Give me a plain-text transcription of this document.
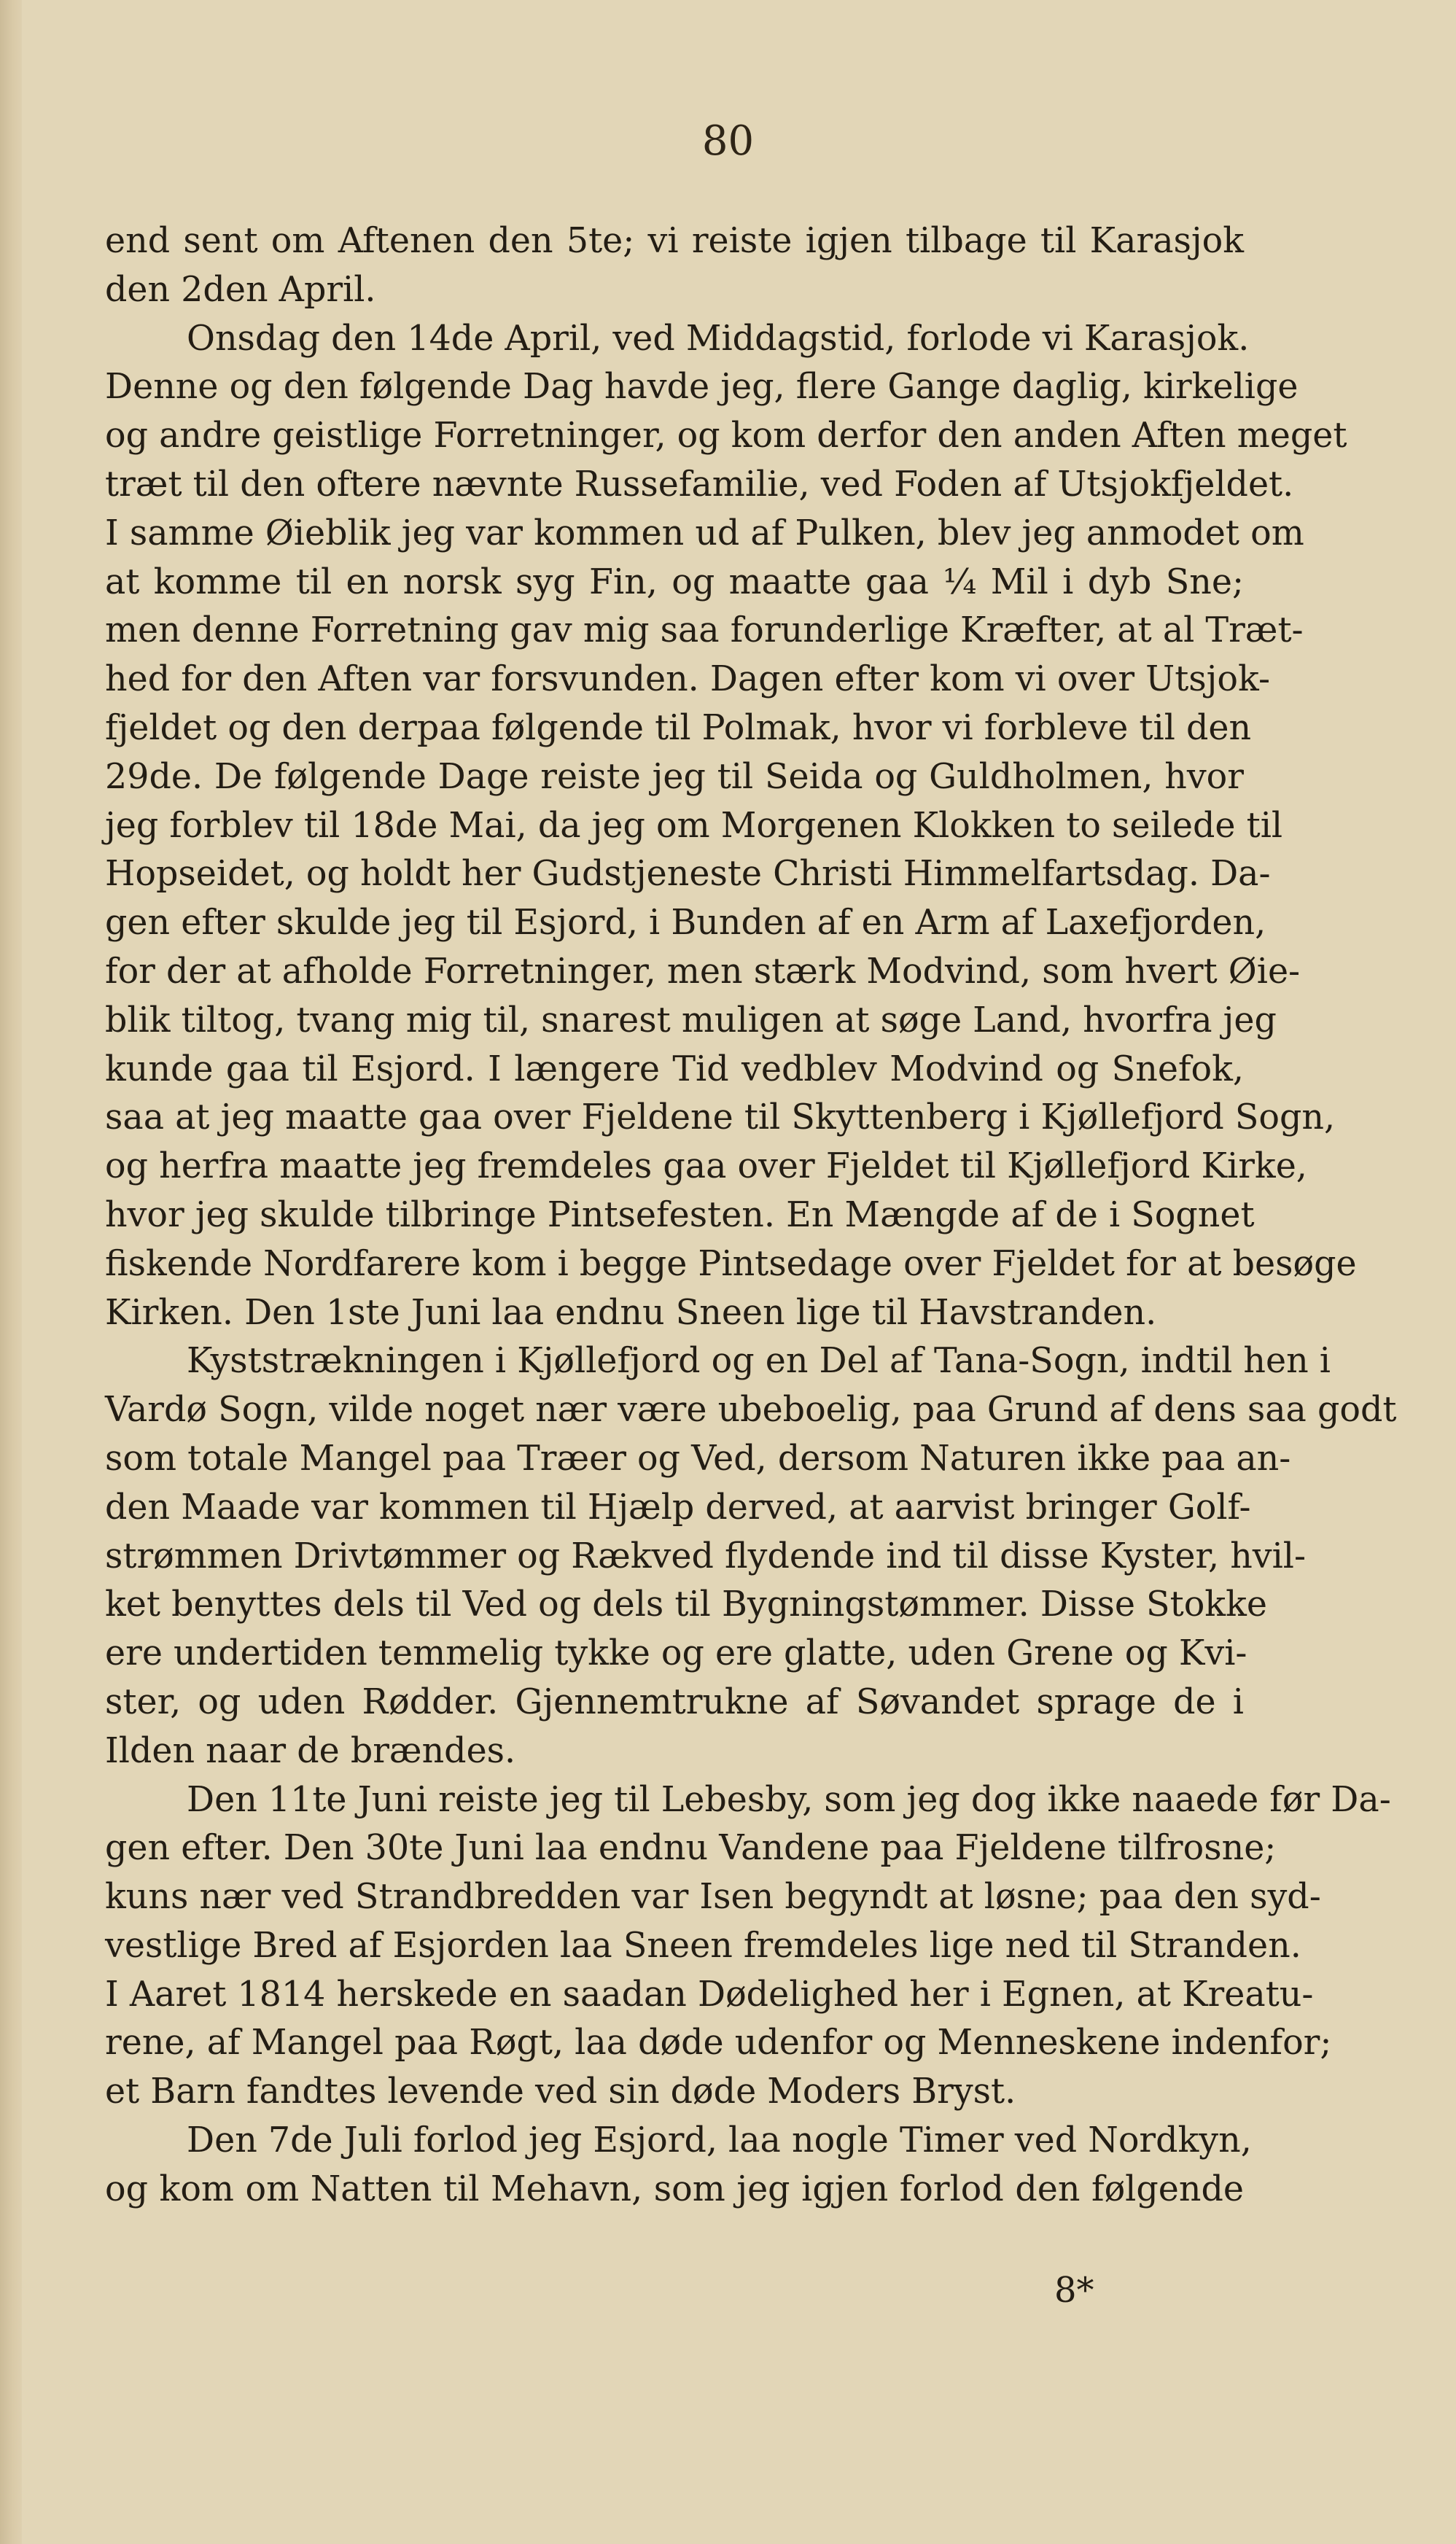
80
end sent om Aftenen den 5te; vi reiste igjen tilbage til Karasjok
den 2den April.
Onsdag den 14de April, ved Middagstid, forlode vi Karasjok.
Denne og den følgende Dag havde jeg, flere Gange daglig, kirkelige
og andre geistlige Forretninger, og kom derfor den anden Aften meget
træt til den oftere nævnte Russefamilie, ved Foden af Utsjokfjeldet.
I samme Øieblik jeg var kommen ud af Pulken, blev jeg anmodet om
at komme til en norsk syg Fin, og maatte gaa ¼ Mil i dyb Sne;
men denne Forretning gav mig saa forunderlige Kræfter, at al Træt-
hed for den Aften var forsvunden. Dagen efter kom vi over Utsjok-
fjeldet og den derpaa følgende til Polmak, hvor vi forbleve til den
29de. De følgende Dage reiste jeg til Seida og Guldholmen, hvor
jeg forblev til 18de Mai, da jeg om Morgenen Klokken to seilede til
Hopseidet, og holdt her Gudstjeneste Christi Himmelfartsdag. Da-
gen efter skulde jeg til Esjord, i Bunden af en Arm af Laxefjorden,
for der at afholde Forretninger, men stærk Modvind, som hvert Øie-
blik tiltog, tvang mig til, snarest muligen at søge Land, hvorfra jeg
kunde gaa til Esjord. I længere Tid vedblev Modvind og Snefok,
saa at jeg maatte gaa over Fjeldene til Skyttenberg i Kjøllefjord Sogn,
og herfra maatte jeg fremdeles gaa over Fjeldet til Kjøllefjord Kirke,
hvor jeg skulde tilbringe Pintsefesten. En Mængde af de i Sognet
fiskende Nordfarere kom i begge Pintsedage over Fjeldet for at besøge
Kirken. Den 1ste Juni laa endnu Sneen lige til Havstranden.
Kyststrækningen i Kjøllefjord og en Del af Tana-Sogn, indtil hen i
Vardø Sogn, vilde noget nær være ubeboelig, paa Grund af dens saa godt
som totale Mangel paa Træer og Ved, dersom Naturen ikke paa an-
den Maade var kommen til Hjælp derved, at aarvist bringer Golf-
strømmen Drivtømmer og Rækved flydende ind til disse Kyster, hvil-
ket benyttes dels til Ved og dels til Bygningstømmer. Disse Stokke
ere undertiden temmelig tykke og ere glatte, uden Grene og Kvi-
ster, og uden Rødder. Gjennemtrukne af Søvandet sprage de i
Ilden naar de brændes.
Den 11te Juni reiste jeg til Lebesby, som jeg dog ikke naaede før Da-
gen efter. Den 30te Juni laa endnu Vandene paa Fjeldene tilfrosne;
kuns nær ved Strandbredden var Isen begyndt at løsne; paa den syd-
vestlige Bred af Esjorden laa Sneen fremdeles lige ned til Stranden.
I Aaret 1814 herskede en saadan Dødelighed her i Egnen, at Kreatu-
rene, af Mangel paa Røgt, laa døde udenfor og Menneskene indenfor;
et Barn fandtes levende ved sin døde Moders Bryst.
Den 7de Juli forlod jeg Esjord, laa nogle Timer ved Nordkyn,
og kom om Natten til Mehavn, som jeg igjen forlod den følgende
8*
